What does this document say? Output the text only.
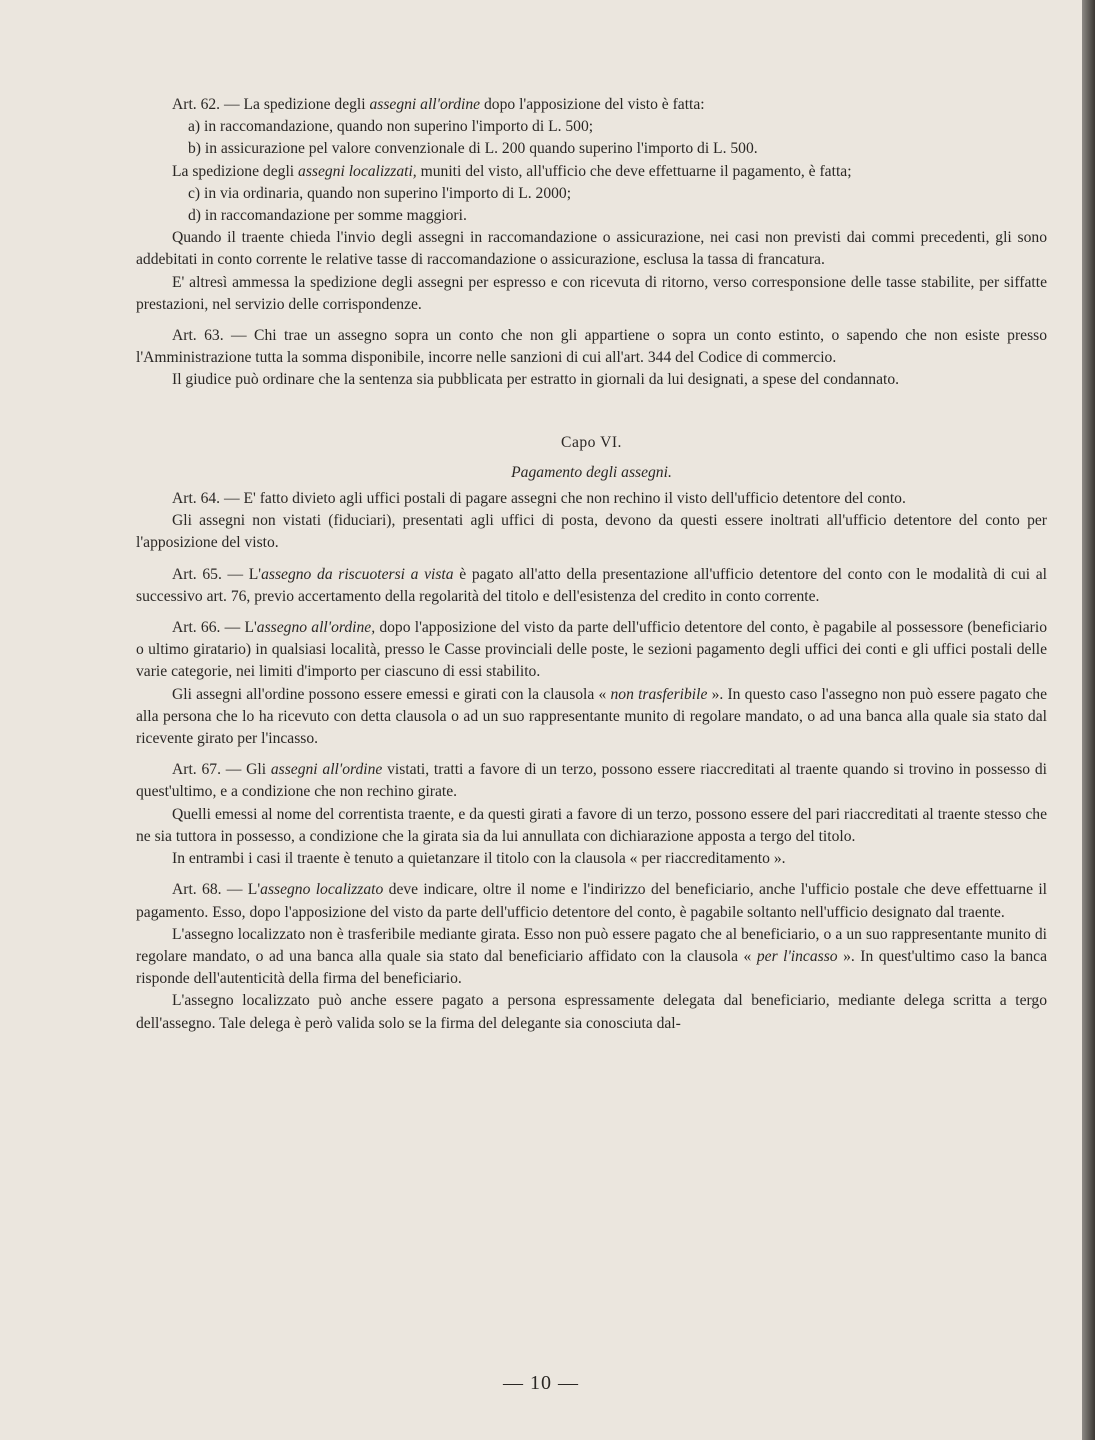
Art. 62. — La spedizione degli assegni all'ordine dopo l'apposizione del visto è fatta:

a) in raccomandazione, quando non superino l'importo di L. 500;

b) in assicurazione pel valore convenzionale di L. 200 quando superino l'importo di L. 500.

La spedizione degli assegni localizzati, muniti del visto, all'ufficio che deve effettuarne il pagamento, è fatta;

c) in via ordinaria, quando non superino l'importo di L. 2000;

d) in raccomandazione per somme maggiori.

Quando il traente chieda l'invio degli assegni in raccomandazione o assicurazione, nei casi non previsti dai commi precedenti, gli sono addebitati in conto corrente le relative tasse di raccomandazione o assicurazione, esclusa la tassa di francatura.

E' altresì ammessa la spedizione degli assegni per espresso e con ricevuta di ritorno, verso corresponsione delle tasse stabilite, per siffatte prestazioni, nel servizio delle corrispondenze.

Art. 63. — Chi trae un assegno sopra un conto che non gli appartiene o sopra un conto estinto, o sapendo che non esiste presso l'Amministrazione tutta la somma disponibile, incorre nelle sanzioni di cui all'art. 344 del Codice di commercio.

Il giudice può ordinare che la sentenza sia pubblicata per estratto in giornali da lui designati, a spese del condannato.

Capo VI.

Pagamento degli assegni.

Art. 64. — E' fatto divieto agli uffici postali di pagare assegni che non rechino il visto dell'ufficio detentore del conto.

Gli assegni non vistati (fiduciari), presentati agli uffici di posta, devono da questi essere inoltrati all'ufficio detentore del conto per l'apposizione del visto.

Art. 65. — L'assegno da riscuotersi a vista è pagato all'atto della presentazione all'ufficio detentore del conto con le modalità di cui al successivo art. 76, previo accertamento della regolarità del titolo e dell'esistenza del credito in conto corrente.

Art. 66. — L'assegno all'ordine, dopo l'apposizione del visto da parte dell'ufficio detentore del conto, è pagabile al possessore (beneficiario o ultimo giratario) in qualsiasi località, presso le Casse provinciali delle poste, le sezioni pagamento degli uffici dei conti e gli uffici postali delle varie categorie, nei limiti d'importo per ciascuno di essi stabilito.

Gli assegni all'ordine possono essere emessi e girati con la clausola « non trasferibile ». In questo caso l'assegno non può essere pagato che alla persona che lo ha ricevuto con detta clausola o ad un suo rappresentante munito di regolare mandato, o ad una banca alla quale sia stato dal ricevente girato per l'incasso.

Art. 67. — Gli assegni all'ordine vistati, tratti a favore di un terzo, possono essere riaccreditati al traente quando si trovino in possesso di quest'ultimo, e a condizione che non rechino girate.

Quelli emessi al nome del correntista traente, e da questi girati a favore di un terzo, possono essere del pari riaccreditati al traente stesso che ne sia tuttora in possesso, a condizione che la girata sia da lui annullata con dichiarazione apposta a tergo del titolo.

In entrambi i casi il traente è tenuto a quietanzare il titolo con la clausola « per riaccreditamento ».

Art. 68. — L'assegno localizzato deve indicare, oltre il nome e l'indirizzo del beneficiario, anche l'ufficio postale che deve effettuarne il pagamento. Esso, dopo l'apposizione del visto da parte dell'ufficio detentore del conto, è pagabile soltanto nell'ufficio designato dal traente.

L'assegno localizzato non è trasferibile mediante girata. Esso non può essere pagato che al beneficiario, o a un suo rappresentante munito di regolare mandato, o ad una banca alla quale sia stato dal beneficiario affidato con la clausola « per l'incasso ». In quest'ultimo caso la banca risponde dell'autenticità della firma del beneficiario.

L'assegno localizzato può anche essere pagato a persona espressamente delegata dal beneficiario, mediante delega scritta a tergo dell'assegno. Tale delega è però valida solo se la firma del delegante sia conosciuta dal-

— 10 —
